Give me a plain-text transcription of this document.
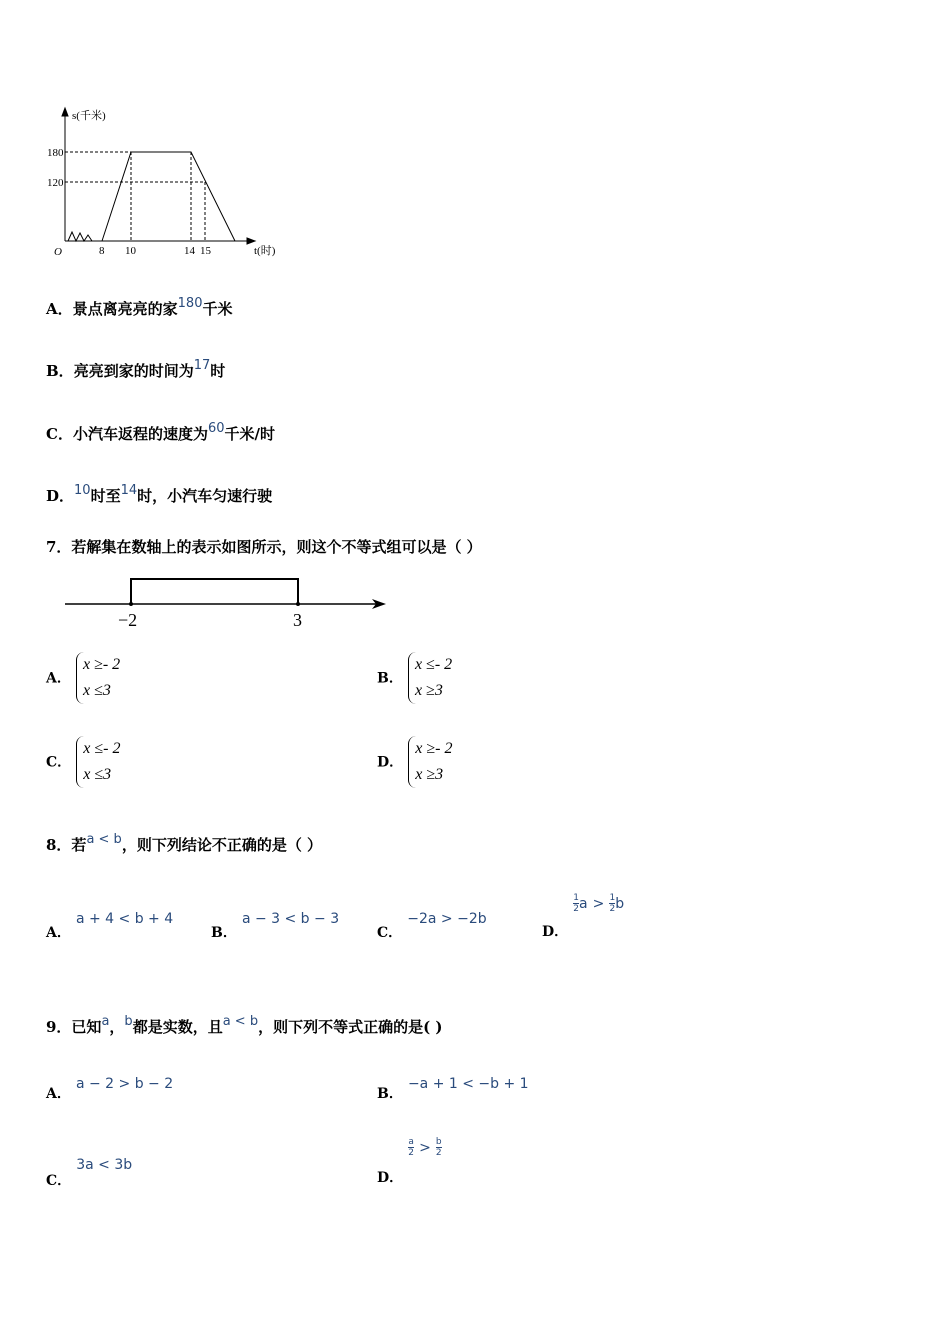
s(千米)
t(时)
O
180
120
8 10	14 15
A．景点离亮亮的家180千米
B．亮亮到家的时间为17时
C．小汽车返程的速度为60千米/时
D．10时至14时，小汽车匀速行驶
7．若解集在数轴上的表示如图所示，则这个不等式组可以是（ ）
−2	3
A． x ≥- 2
x ≤3
B． x ≤- 2
x ≥3
C． x ≤- 2
x ≤3
D． x ≥- 2
x ≥3
8．若a < b，则下列结论不正确的是（ ）
A． a + 4 < b + 4
B． a − 3 < b − 3
C． −2a > −2b
D．
$\frac{1}{2}$ $a > \frac{1}{2}$ b
9．已知a，b都是实数，且a < b，则下列不等式正确的是( )
A． a − 2 > b − 2
B． −a + 1 < −b + 1
C． 3a < 3b
D．
$\frac{a}{2} > \frac{b}{2}$
